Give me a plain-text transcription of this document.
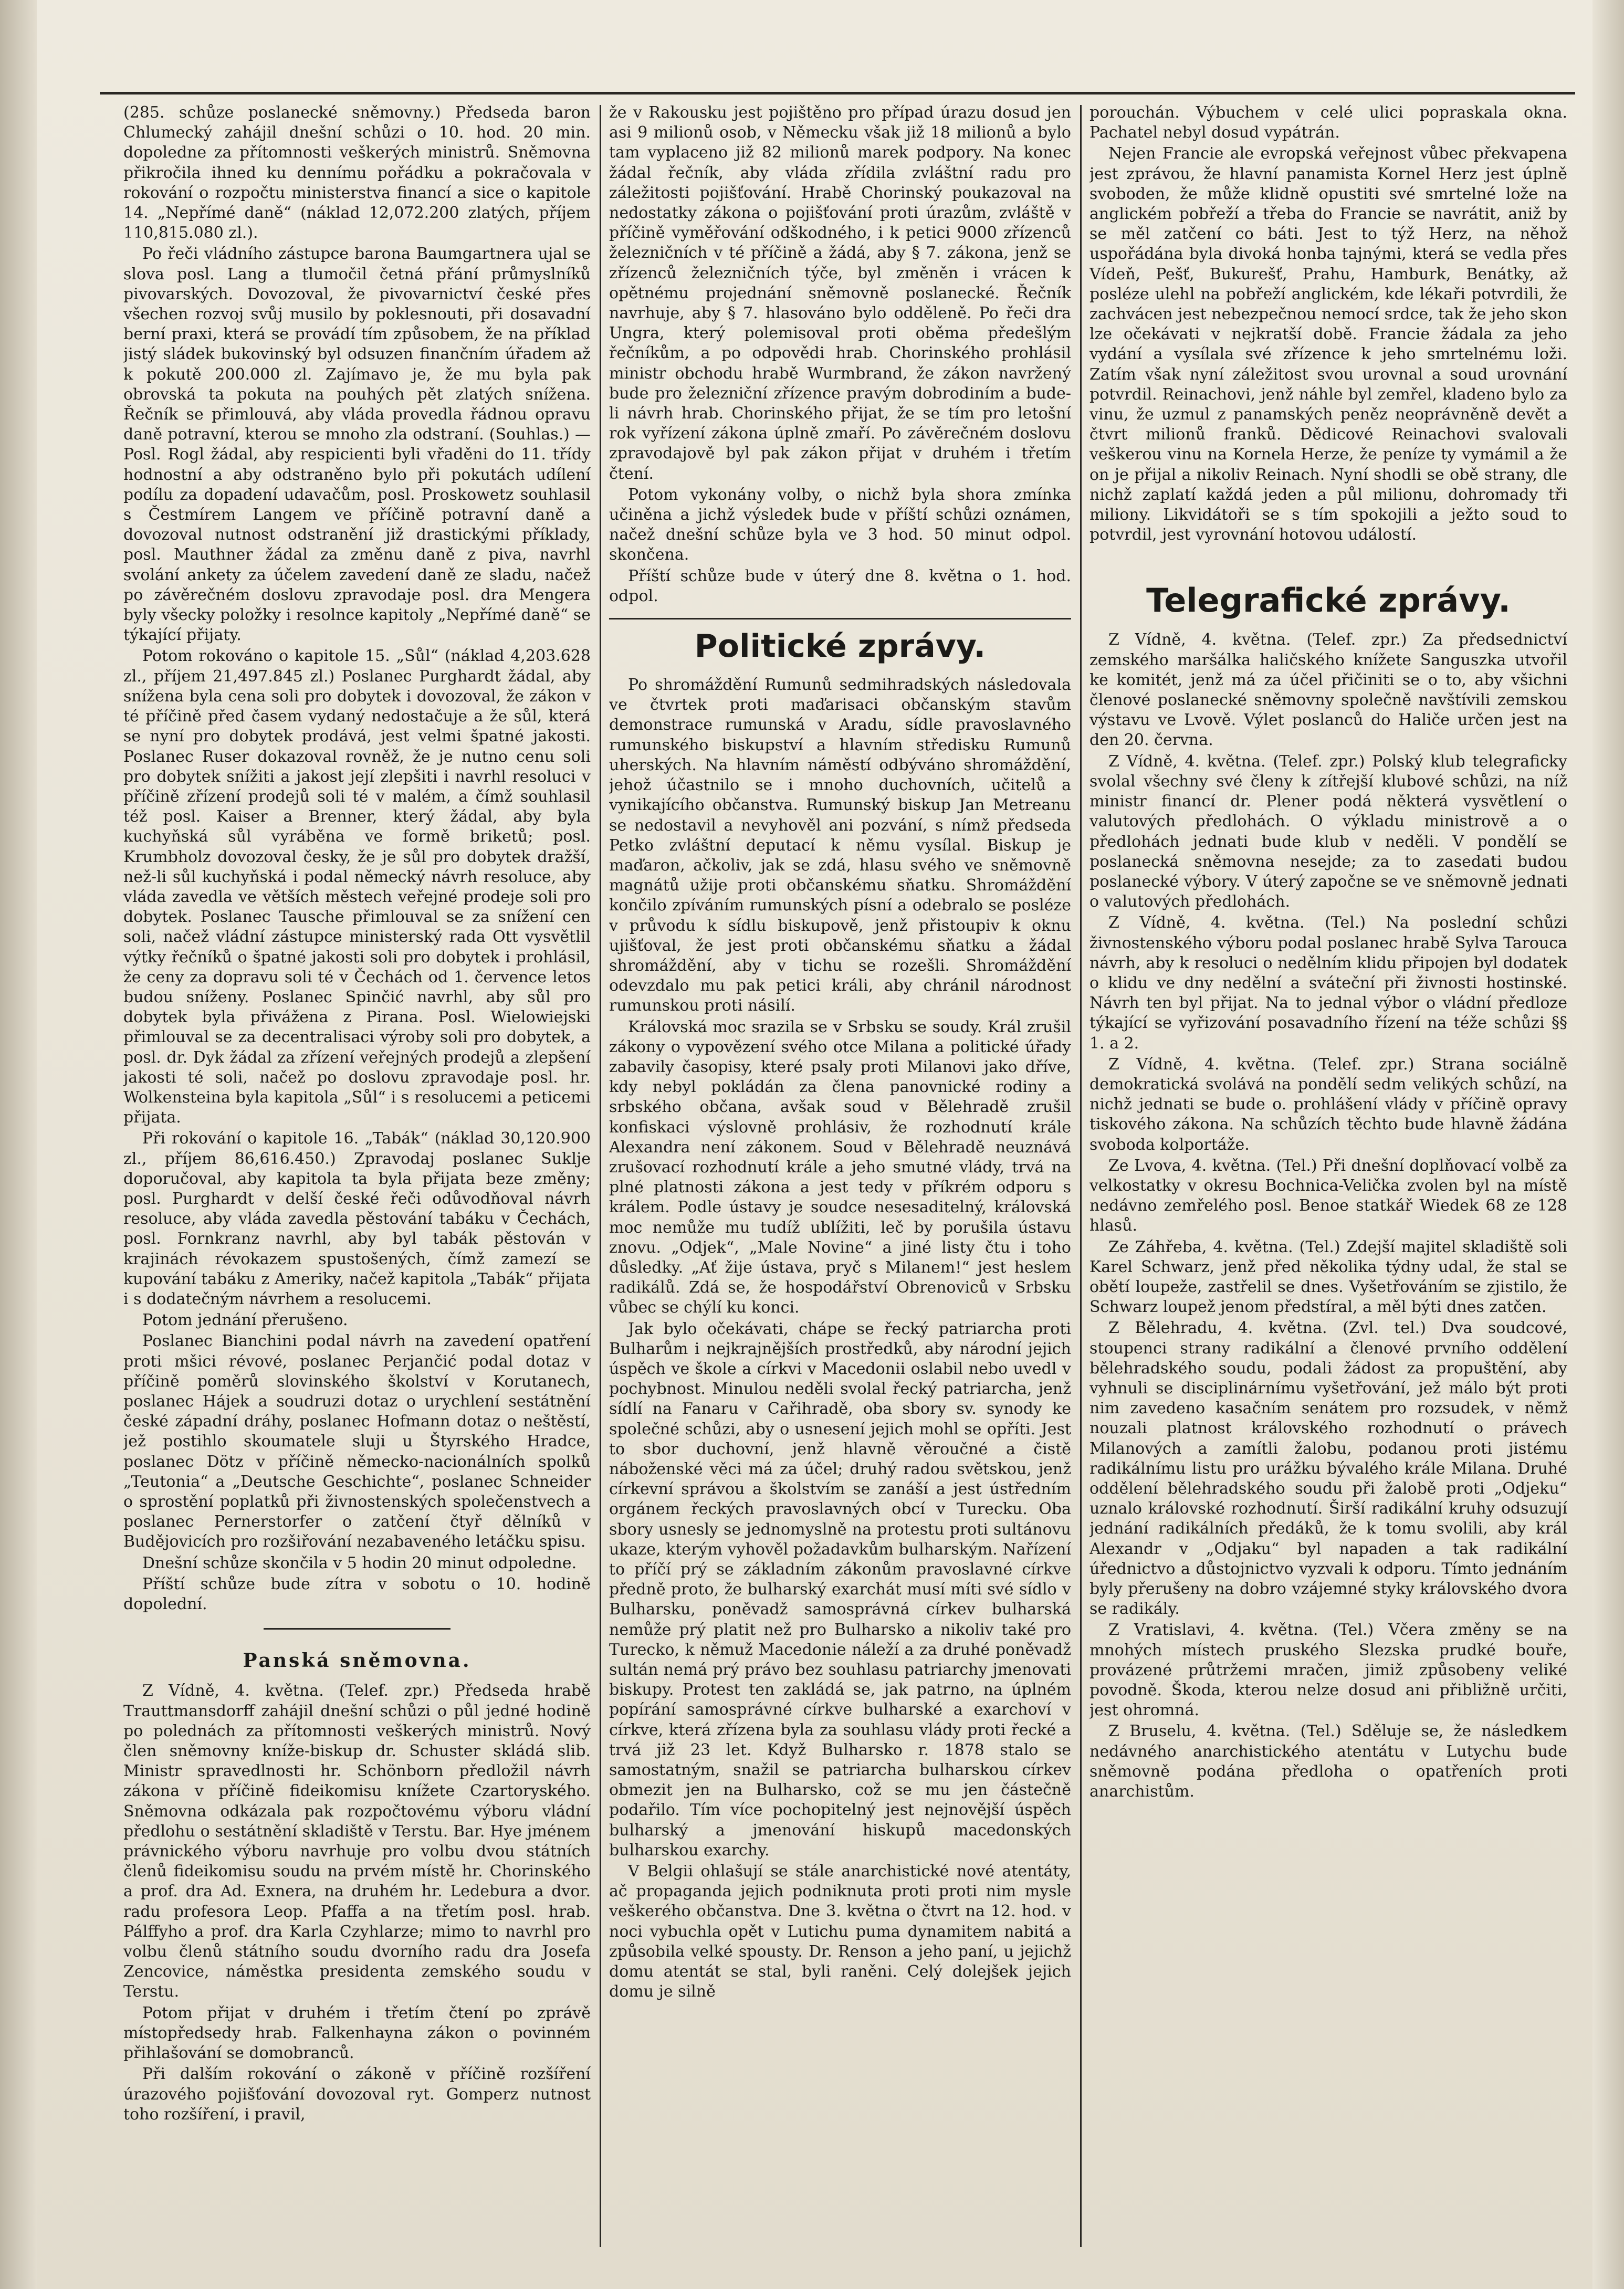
(285. schůze poslanecké sněmovny.) Předseda baron Chlumecký zahájil dnešní schůzi o 10. hod. 20 min. dopoledne za přítomnosti veškerých ministrů. Sněmovna přikročila ihned ku dennímu pořádku a pokračovala v rokování o rozpočtu ministerstva financí a sice o kapitole 14. „Nepřímé daně“ (náklad 12,072.200 zlatých, příjem 110,815.080 zl.).

Po řeči vládního zástupce barona Baumgartnera ujal se slova posl. Lang a tlumočil četná přání průmyslníků pivovarských. Dovozoval, že pivovarnictví české přes všechen rozvoj svůj musilo by poklesnouti, při dosavadní berní praxi, která se provádí tím způsobem, že na příklad jistý sládek bukovinský byl odsuzen finančním úřadem až k pokutě 200.000 zl. Zajímavo je, že mu byla pak obrovská ta pokuta na pouhých pět zlatých snížena. Řečník se přimlouvá, aby vláda provedla řádnou opravu daně potravní, kterou se mnoho zla odstraní. (Souhlas.) — Posl. Rogl žádal, aby respicienti byli vřaděni do 11. třídy hodnostní a aby odstraněno bylo při pokutách udílení podílu za dopadení udavačům, posl. Proskowetz souhlasil s Čestmírem Langem ve příčině potravní daně a dovozoval nutnost odstranění již drastickými příklady, posl. Mauthner žádal za změnu daně z piva, navrhl svolání ankety za účelem zavedení daně ze sladu, načež po závěrečném doslovu zpravodaje posl. dra Mengera byly všecky položky i resolnce kapitoly „Nepřímé daně“ se týkající přijaty.

Potom rokováno o kapitole 15. „Sůl“ (náklad 4,203.628 zl., příjem 21,497.845 zl.) Poslanec Purghardt žádal, aby snížena byla cena soli pro dobytek i dovozoval, že zákon v té příčině před časem vydaný nedostačuje a že sůl, která se nyní pro dobytek prodává, jest velmi špatné jakosti. Poslanec Ruser dokazoval rovněž, že je nutno cenu soli pro dobytek snížiti a jakost její zlepšiti i navrhl resoluci v příčině zřízení prodejů soli té v malém, a čímž souhlasil též posl. Kaiser a Brenner, který žádal, aby byla kuchyňská sůl vyráběna ve formě briketů; posl. Krumbholz dovozoval česky, že je sůl pro dobytek dražší, než-li sůl kuchyňská i podal německý návrh resoluce, aby vláda zavedla ve větších městech veřejné prodeje soli pro dobytek. Poslanec Tausche přimlouval se za snížení cen soli, načež vládní zástupce ministerský rada Ott vysvětlil výtky řečníků o špatné jakosti soli pro dobytek i prohlásil, že ceny za dopravu soli té v Čechách od 1. července letos budou sníženy. Poslanec Spinčić navrhl, aby sůl pro dobytek byla přivážena z Pirana. Posl. Wielowiejski přimlouval se za decentralisaci výroby soli pro dobytek, a posl. dr. Dyk žádal za zřízení veřejných prodejů a zlepšení jakosti té soli, načež po doslovu zpravodaje posl. hr. Wolkensteina byla kapitola „Sůl“ i s resolucemi a peticemi přijata.

Při rokování o kapitole 16. „Tabák“ (náklad 30,120.900 zl., příjem 86,616.450.) Zpravodaj poslanec Suklje doporučoval, aby kapitola ta byla přijata beze změny; posl. Purghardt v delší české řeči odůvodňoval návrh resoluce, aby vláda zavedla pěstování tabáku v Čechách, posl. Fornkranz navrhl, aby byl tabák pěstován v krajinách révokazem spustošených, čímž zamezí se kupování tabáku z Ameriky, načež kapitola „Tabák“ přijata i s dodatečným návrhem a resolucemi.

Potom jednání přerušeno.

Poslanec Bianchini podal návrh na zavedení opatření proti mšici révové, poslanec Perjančić podal dotaz v příčině poměrů slovinského školství v Korutanech, poslanec Hájek a soudruzi dotaz o urychlení sestátnění české západní dráhy, poslanec Hofmann dotaz o neštěstí, jež postihlo skoumatele sluji u Štyrského Hradce, poslanec Dötz v příčině německo-nacionálních spolků „Teutonia“ a „Deutsche Geschichte“, poslanec Schneider o sprostění poplatků při živnostenských společenstvech a poslanec Pernerstorfer o zatčení čtyř dělníků v Budějovicích pro rozšiřování nezabaveného letáčku spisu.

Dnešní schůze skončila v 5 hodin 20 minut odpoledne.

Příští schůze bude zítra v sobotu o 10. hodině dopolední.

Panská sněmovna.

Z Vídně, 4. května. (Telef. zpr.) Předseda hrabě Trauttmansdorff zahájil dnešní schůzi o půl jedné hodině po polednách za přítomnosti veškerých ministrů. Nový člen sněmovny kníže-biskup dr. Schuster skládá slib. Ministr spravedlnosti hr. Schönborn předložil návrh zákona v příčině fideikomisu knížete Czartoryského. Sněmovna odkázala pak rozpočtovému výboru vládní předlohu o sestátnění skladiště v Terstu. Bar. Hye jménem právnického výboru navrhuje pro volbu dvou státních členů fideikomisu soudu na prvém místě hr. Chorinského a prof. dra Ad. Exnera, na druhém hr. Ledebura a dvor. radu profesora Leop. Pfaffa a na třetím posl. hrab. Pálffyho a prof. dra Karla Czyhlarze; mimo to navrhl pro volbu členů státního soudu dvorního radu dra Josefa Zencovice, náměstka presidenta zemského soudu v Terstu.

Potom přijat v druhém i třetím čtení po zprávě místopředsedy hrab. Falkenhayna zákon o povinném přihlašování se domobranců.

Při dalším rokování o zákoně v příčině rozšíření úrazového pojišťování dovozoval ryt. Gomperz nutnost toho rozšíření, i pravil,

že v Rakousku jest pojištěno pro případ úrazu dosud jen asi 9 milionů osob, v Německu však již 18 milionů a bylo tam vyplaceno již 82 milionů marek podpory. Na konec žádal řečník, aby vláda zřídila zvláštní radu pro záležitosti pojišťování. Hrabě Chorinský poukazoval na nedostatky zákona o pojišťování proti úrazům, zvláště v příčině vyměřování odškodného, i k petici 9000 zřízenců železničních v té příčině a žádá, aby § 7. zákona, jenž se zřízenců železničních týče, byl změněn i vrácen k opětnému projednání sněmovně poslanecké. Řečník navrhuje, aby § 7. hlasováno bylo odděleně. Po řeči dra Ungra, který polemisoval proti oběma předešlým řečníkům, a po odpovědi hrab. Chorinského prohlásil ministr obchodu hrabě Wurmbrand, že zákon navržený bude pro železniční zřízence pravým dobrodiním a bude-li návrh hrab. Chorinského přijat, že se tím pro letošní rok vyřízení zákona úplně zmaří. Po závěrečném doslovu zpravodajově byl pak zákon přijat v druhém i třetím čtení.

Potom vykonány volby, o nichž byla shora zmínka učiněna a jichž výsledek bude v příští schůzi oznámen, načež dnešní schůze byla ve 3 hod. 50 minut odpol. skončena.

Příští schůze bude v úterý dne 8. května o 1. hod. odpol.

Politické zprávy.

Po shromáždění Rumunů sedmihradských následovala ve čtvrtek proti maďarisaci občanským stavům demonstrace rumunská v Aradu, sídle pravoslavného rumunského biskupství a hlavním středisku Rumunů uherských. Na hlavním náměstí odbýváno shromáždění, jehož účastnilo se i mnoho duchovních, učitelů a vynikajícího občanstva. Rumunský biskup Jan Metreanu se nedostavil a nevyhověl ani pozvání, s nímž předseda Petko zvláštní deputací k němu vysílal. Biskup je maďaron, ačkoliv, jak se zdá, hlasu svého ve sněmovně magnátů užije proti občanskému sňatku. Shromáždění končilo zpíváním rumunských písní a odebralo se posléze v průvodu k sídlu biskupově, jenž přistoupiv k oknu ujišťoval, že jest proti občanskému sňatku a žádal shromáždění, aby v tichu se rozešli. Shromáždění odevzdalo mu pak petici králi, aby chránil národnost rumunskou proti násilí.

Královská moc srazila se v Srbsku se soudy. Král zrušil zákony o vypovězení svého otce Milana a politické úřady zabavily časopisy, které psaly proti Milanovi jako dříve, kdy nebyl pokládán za člena panovnické rodiny a srbského občana, avšak soud v Bělehradě zrušil konfiskaci výslovně prohlásiv, že rozhodnutí krále Alexandra není zákonem. Soud v Bělehradě neuznává zrušovací rozhodnutí krále a jeho smutné vlády, trvá na plné platnosti zákona a jest tedy v příkrém odporu s králem. Podle ústavy je soudce nesesaditelný, královská moc nemůže mu tudíž ublížiti, leč by porušila ústavu znovu. „Odjek“, „Male Novine“ a jiné listy čtu i toho důsledky. „Ať žije ústava, pryč s Milanem!“ jest heslem radikálů. Zdá se, že hospodářství Obrenoviců v Srbsku vůbec se chýlí ku konci.

Jak bylo očekávati, chápe se řecký patriarcha proti Bulharům i nejkrajnějších prostředků, aby národní jejich úspěch ve škole a církvi v Macedonii oslabil nebo uvedl v pochybnost. Minulou neděli svolal řecký patriarcha, jenž sídlí na Fanaru v Cařihradě, oba sbory sv. synody ke společné schůzi, aby o usnesení jejich mohl se opříti. Jest to sbor duchovní, jenž hlavně věroučné a čistě náboženské věci má za účel; druhý radou světskou, jenž církevní správou a školstvím se zanáší a jest ústředním orgánem řeckých pravoslavných obcí v Turecku. Oba sbory usnesly se jednomyslně na protestu proti sultánovu ukaze, kterým vyhověl požadavkům bulharským. Nařízení to příčí prý se základním zákonům pravoslavné církve předně proto, že bulharský exarchát musí míti své sídlo v Bulharsku, poněvadž samosprávná církev bulharská nemůže prý platit než pro Bulharsko a nikoliv také pro Turecko, k němuž Macedonie náleží a za druhé poněvadž sultán nemá prý právo bez souhlasu patriarchy jmenovati biskupy. Protest ten zakládá se, jak patrno, na úplném popírání samosprávné církve bulharské a exarchoví v církve, která zřízena byla za souhlasu vlády proti řecké a trvá již 23 let. Když Bulharsko r. 1878 stalo se samostatným, snažil se patriarcha bulharskou církev obmezit jen na Bulharsko, což se mu jen částečně podařilo. Tím více pochopitelný jest nejnovější úspěch bulharský a jmenování hiskupů macedonských bulharskou exarchy.

V Belgii ohlašují se stále anarchistické nové atentáty, ač propaganda jejich podniknuta proti proti nim mysle veškerého občanstva. Dne 3. května o čtvrt na 12. hod. v noci vybuchla opět v Lutichu puma dynamitem nabitá a způsobila velké spousty. Dr. Renson a jeho paní, u jejichž domu atentát se stal, byli raněni. Celý dolejšek jejich domu je silně

porouchán. Výbuchem v celé ulici popraskala okna. Pachatel nebyl dosud vypátrán.

Nejen Francie ale evropská veřejnost vůbec překvapena jest zprávou, že hlavní panamista Kornel Herz jest úplně svoboden, že může klidně opustiti své smrtelné lože na anglickém pobřeží a třeba do Francie se navrátit, aniž by se měl zatčení co báti. Jest to týž Herz, na něhož uspořádána byla divoká honba tajnými, která se vedla přes Vídeň, Pešť, Bukurešť, Prahu, Hamburk, Benátky, až posléze ulehl na pobřeží anglickém, kde lékaři potvrdili, že zachvácen jest nebezpečnou nemocí srdce, tak že jeho skon lze očekávati v nejkratší době. Francie žádala za jeho vydání a vysílala své zřízence k jeho smrtelnému loži. Zatím však nyní záležitost svou urovnal a soud urovnání potvrdil. Reinachovi, jenž náhle byl zemřel, kladeno bylo za vinu, že uzmul z panamských peněz neoprávněně devět a čtvrt milionů franků. Dědicové Reinachovi svalovali veškerou vinu na Kornela Herze, že peníze ty vymámil a že on je přijal a nikoliv Reinach. Nyní shodli se obě strany, dle nichž zaplatí každá jeden a půl milionu, dohromady tři miliony. Likvidátoři se s tím spokojili a ježto soud to potvrdil, jest vyrovnání hotovou událostí.

Telegrafické zprávy.

Z Vídně, 4. května. (Telef. zpr.) Za předsednictví zemského maršálka haličského knížete Sanguszka utvořil ke komitét, jenž má za účel přičiniti se o to, aby všichni členové poslanecké sněmovny společně navštívili zemskou výstavu ve Lvově. Výlet poslanců do Haliče určen jest na den 20. června.

Z Vídně, 4. května. (Telef. zpr.) Polský klub telegraficky svolal všechny své členy k zítřejší klubové schůzi, na níž ministr financí dr. Plener podá některá vysvětlení o valutových předlohách. O výkladu ministrově a o předlohách jednati bude klub v neděli. V pondělí se poslanecká sněmovna nesejde; za to zasedati budou poslanecké výbory. V úterý započne se ve sněmovně jednati o valutových předlohách.

Z Vídně, 4. května. (Tel.) Na poslední schůzi živnostenského výboru podal poslanec hrabě Sylva Tarouca návrh, aby k resoluci o nedělním klidu připojen byl dodatek o klidu ve dny nedělní a sváteční při živnosti hostinské. Návrh ten byl přijat. Na to jednal výbor o vládní předloze týkající se vyřizování posavadního řízení na téže schůzi §§ 1. a 2.

Z Vídně, 4. května. (Telef. zpr.) Strana sociálně demokratická svolává na pondělí sedm velikých schůzí, na nichž jednati se bude o. prohlášení vlády v příčině opravy tiskového zákona. Na schůzích těchto bude hlavně žádána svoboda kolportáže.

Ze Lvova, 4. května. (Tel.) Při dnešní doplňovací volbě za velkostatky v okresu Bochnica-Velička zvolen byl na místě nedávno zemřelého posl. Benoe statkář Wiedek 68 ze 128 hlasů.

Ze Záhřeba, 4. května. (Tel.) Zdejší majitel skladiště soli Karel Schwarz, jenž před několika týdny udal, že stal se obětí loupeže, zastřelil se dnes. Vyšetřováním se zjistilo, že Schwarz loupež jenom předstíral, a měl býti dnes zatčen.

Z Bělehradu, 4. května. (Zvl. tel.) Dva soudcové, stoupenci strany radikální a členové prvního oddělení bělehradského soudu, podali žádost za propuštění, aby vyhnuli se disciplinárnímu vyšetřování, jež málo být proti nim zavedeno kasačním senátem pro rozsudek, v němž nouzali platnost královského rozhodnutí o právech Milanových a zamítli žalobu, podanou proti jistému radikálnímu listu pro urážku bývalého krále Milana. Druhé oddělení bělehradského soudu při žalobě proti „Odjeku“ uznalo královské rozhodnutí. Širší radikální kruhy odsuzují jednání radikálních předáků, že k tomu svolili, aby král Alexandr v „Odjaku“ byl napaden a tak radikální úřednictvo a důstojnictvo vyzvali k odporu. Tímto jednáním byly přerušeny na dobro vzájemné styky královského dvora se radikály.

Z Vratislavi, 4. května. (Tel.) Včera změny se na mnohých místech pruského Slezska prudké bouře, provázené průtržemi mračen, jimiž způsobeny veliké povodně. Škoda, kterou nelze dosud ani přibližně určiti, jest ohromná.

Z Bruselu, 4. května. (Tel.) Sděluje se, že následkem nedávného anarchistického atentátu v Lutychu bude sněmovně podána předloha o opatřeních proti anarchistům.
